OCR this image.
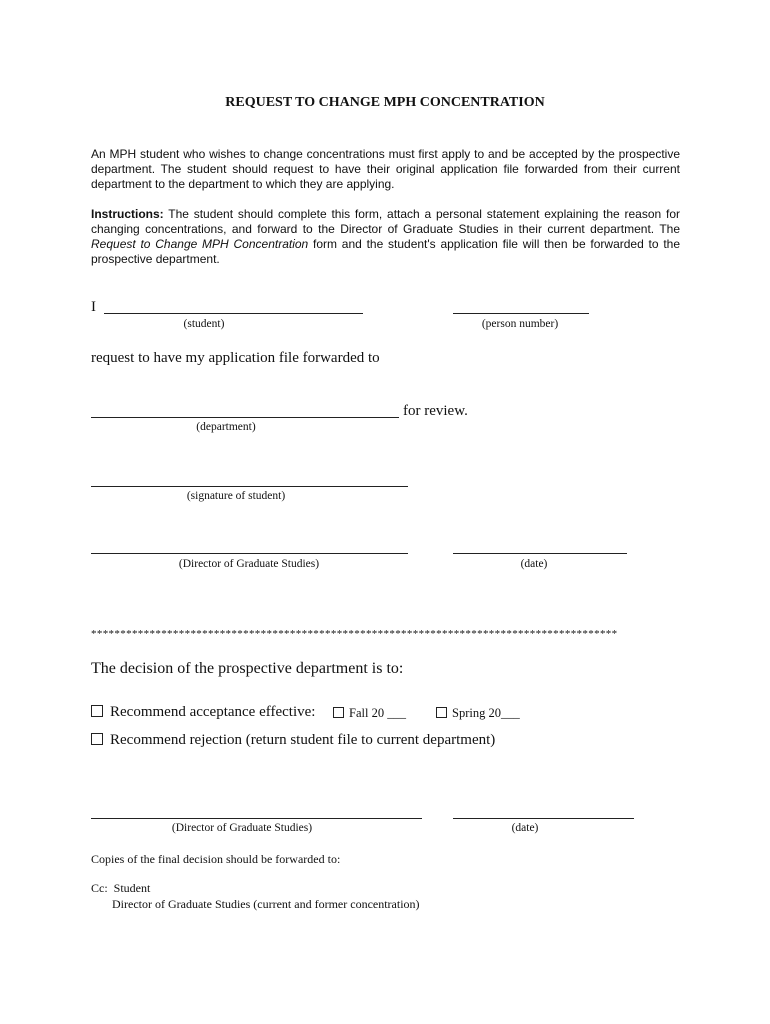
REQUEST TO CHANGE MPH CONCENTRATION
An MPH student who wishes to change concentrations must first apply to and be accepted by the prospective department. The student should request to have their original application file forwarded from their current department to the department to which they are applying.
Instructions: The student should complete this form, attach a personal statement explaining the reason for changing concentrations, and forward to the Director of Graduate Studies in their current department. The Request to Change MPH Concentration form and the student's application file will then be forwarded to the prospective department.
I
(student)	(person number)
request to have my application file forwarded to
for review.
(department)
(signature of student)
(Director of Graduate Studies)	(date)
******************************************************************************************
The decision of the prospective department is to:
Recommend acceptance effective:	Fall 20 ___	Spring 20___
Recommend rejection (return student file to current department)
(Director of Graduate Studies)	(date)
Copies of the final decision should be forwarded to:
Cc:  Student
Director of Graduate Studies (current and former concentration)
